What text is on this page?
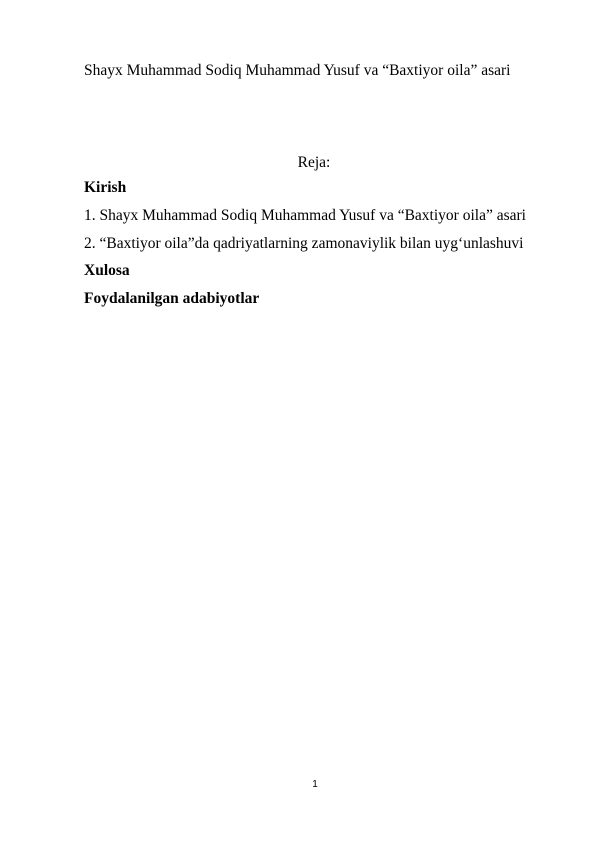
Shayx Muhammad Sodiq Muhammad Yusuf va “Baxtiyor oila” asari
Reja:
Kirish
1. Shayx Muhammad Sodiq Muhammad Yusuf va “Baxtiyor oila” asari
2. “Baxtiyor oila”da qadriyatlarning zamonaviylik bilan uyg‘unlashuvi
Xulosa
Foydalanilgan adabiyotlar
1
